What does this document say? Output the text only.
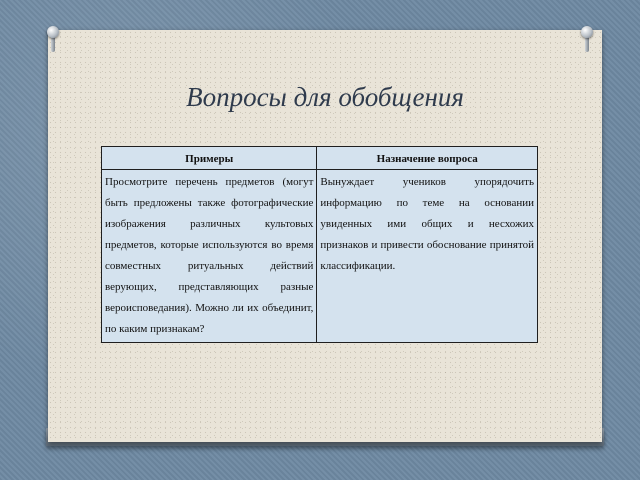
Вопросы для обобщения
Примеры	Назначение вопроса

Просмотрите перечень предметов (могут быть предложены также фотографические изображения различных культовых предметов, которые используются во время совместных ритуальных действий верующих, представляющих разные вероисповедания). Можно ли их объединит, по каким признакам?	Вынуждает учеников упорядочить информацию по теме на основании увиденных ими общих и несхожих признаков и привести обоснование принятой классификации.
